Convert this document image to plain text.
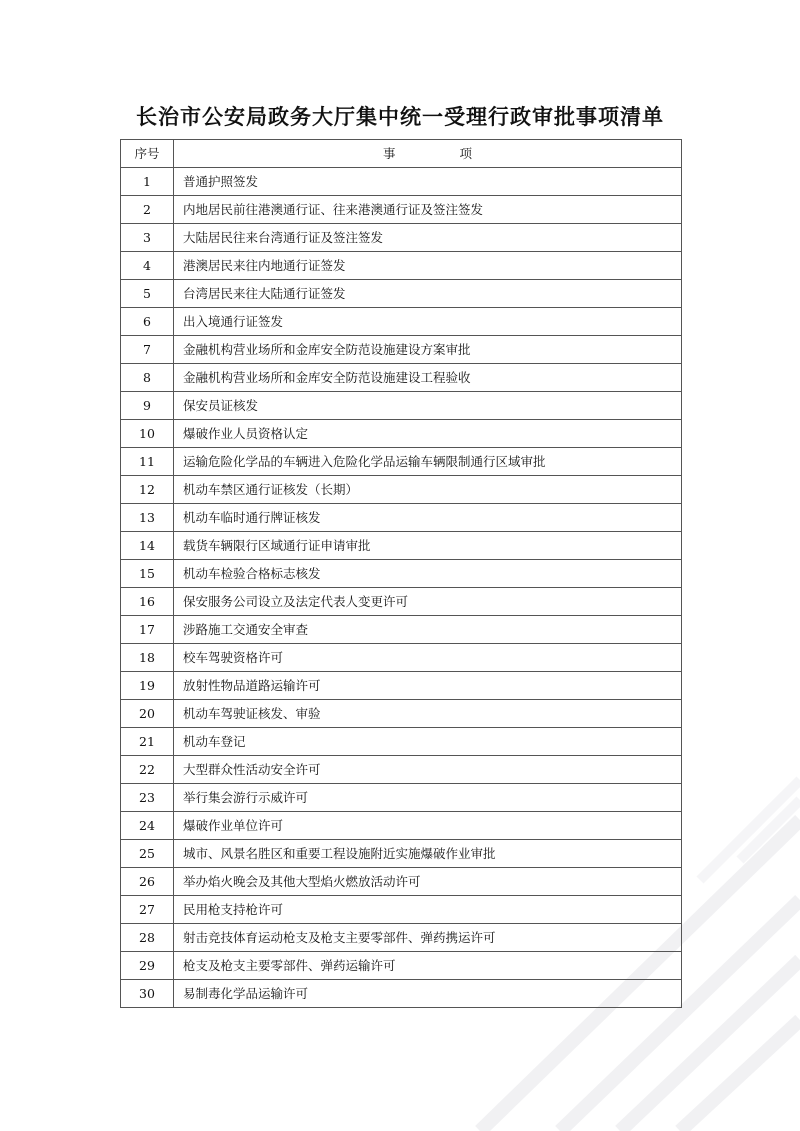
长治市公安局政务大厅集中统一受理行政审批事项清单
序号	事 项
1	普通护照签发
2	内地居民前往港澳通行证、往来港澳通行证及签注签发
3	大陆居民往来台湾通行证及签注签发
4	港澳居民来往内地通行证签发
5	台湾居民来往大陆通行证签发
6	出入境通行证签发
7	金融机构营业场所和金库安全防范设施建设方案审批
8	金融机构营业场所和金库安全防范设施建设工程验收
9	保安员证核发
10	爆破作业人员资格认定
11	运输危险化学品的车辆进入危险化学品运输车辆限制通行区域审批
12	机动车禁区通行证核发（长期）
13	机动车临时通行牌证核发
14	载货车辆限行区域通行证申请审批
15	机动车检验合格标志核发
16	保安服务公司设立及法定代表人变更许可
17	涉路施工交通安全审查
18	校车驾驶资格许可
19	放射性物品道路运输许可
20	机动车驾驶证核发、审验
21	机动车登记
22	大型群众性活动安全许可
23	举行集会游行示威许可
24	爆破作业单位许可
25	城市、风景名胜区和重要工程设施附近实施爆破作业审批
26	举办焰火晚会及其他大型焰火燃放活动许可
27	民用枪支持枪许可
28	射击竞技体育运动枪支及枪支主要零部件、弹药携运许可
29	枪支及枪支主要零部件、弹药运输许可
30	易制毒化学品运输许可
